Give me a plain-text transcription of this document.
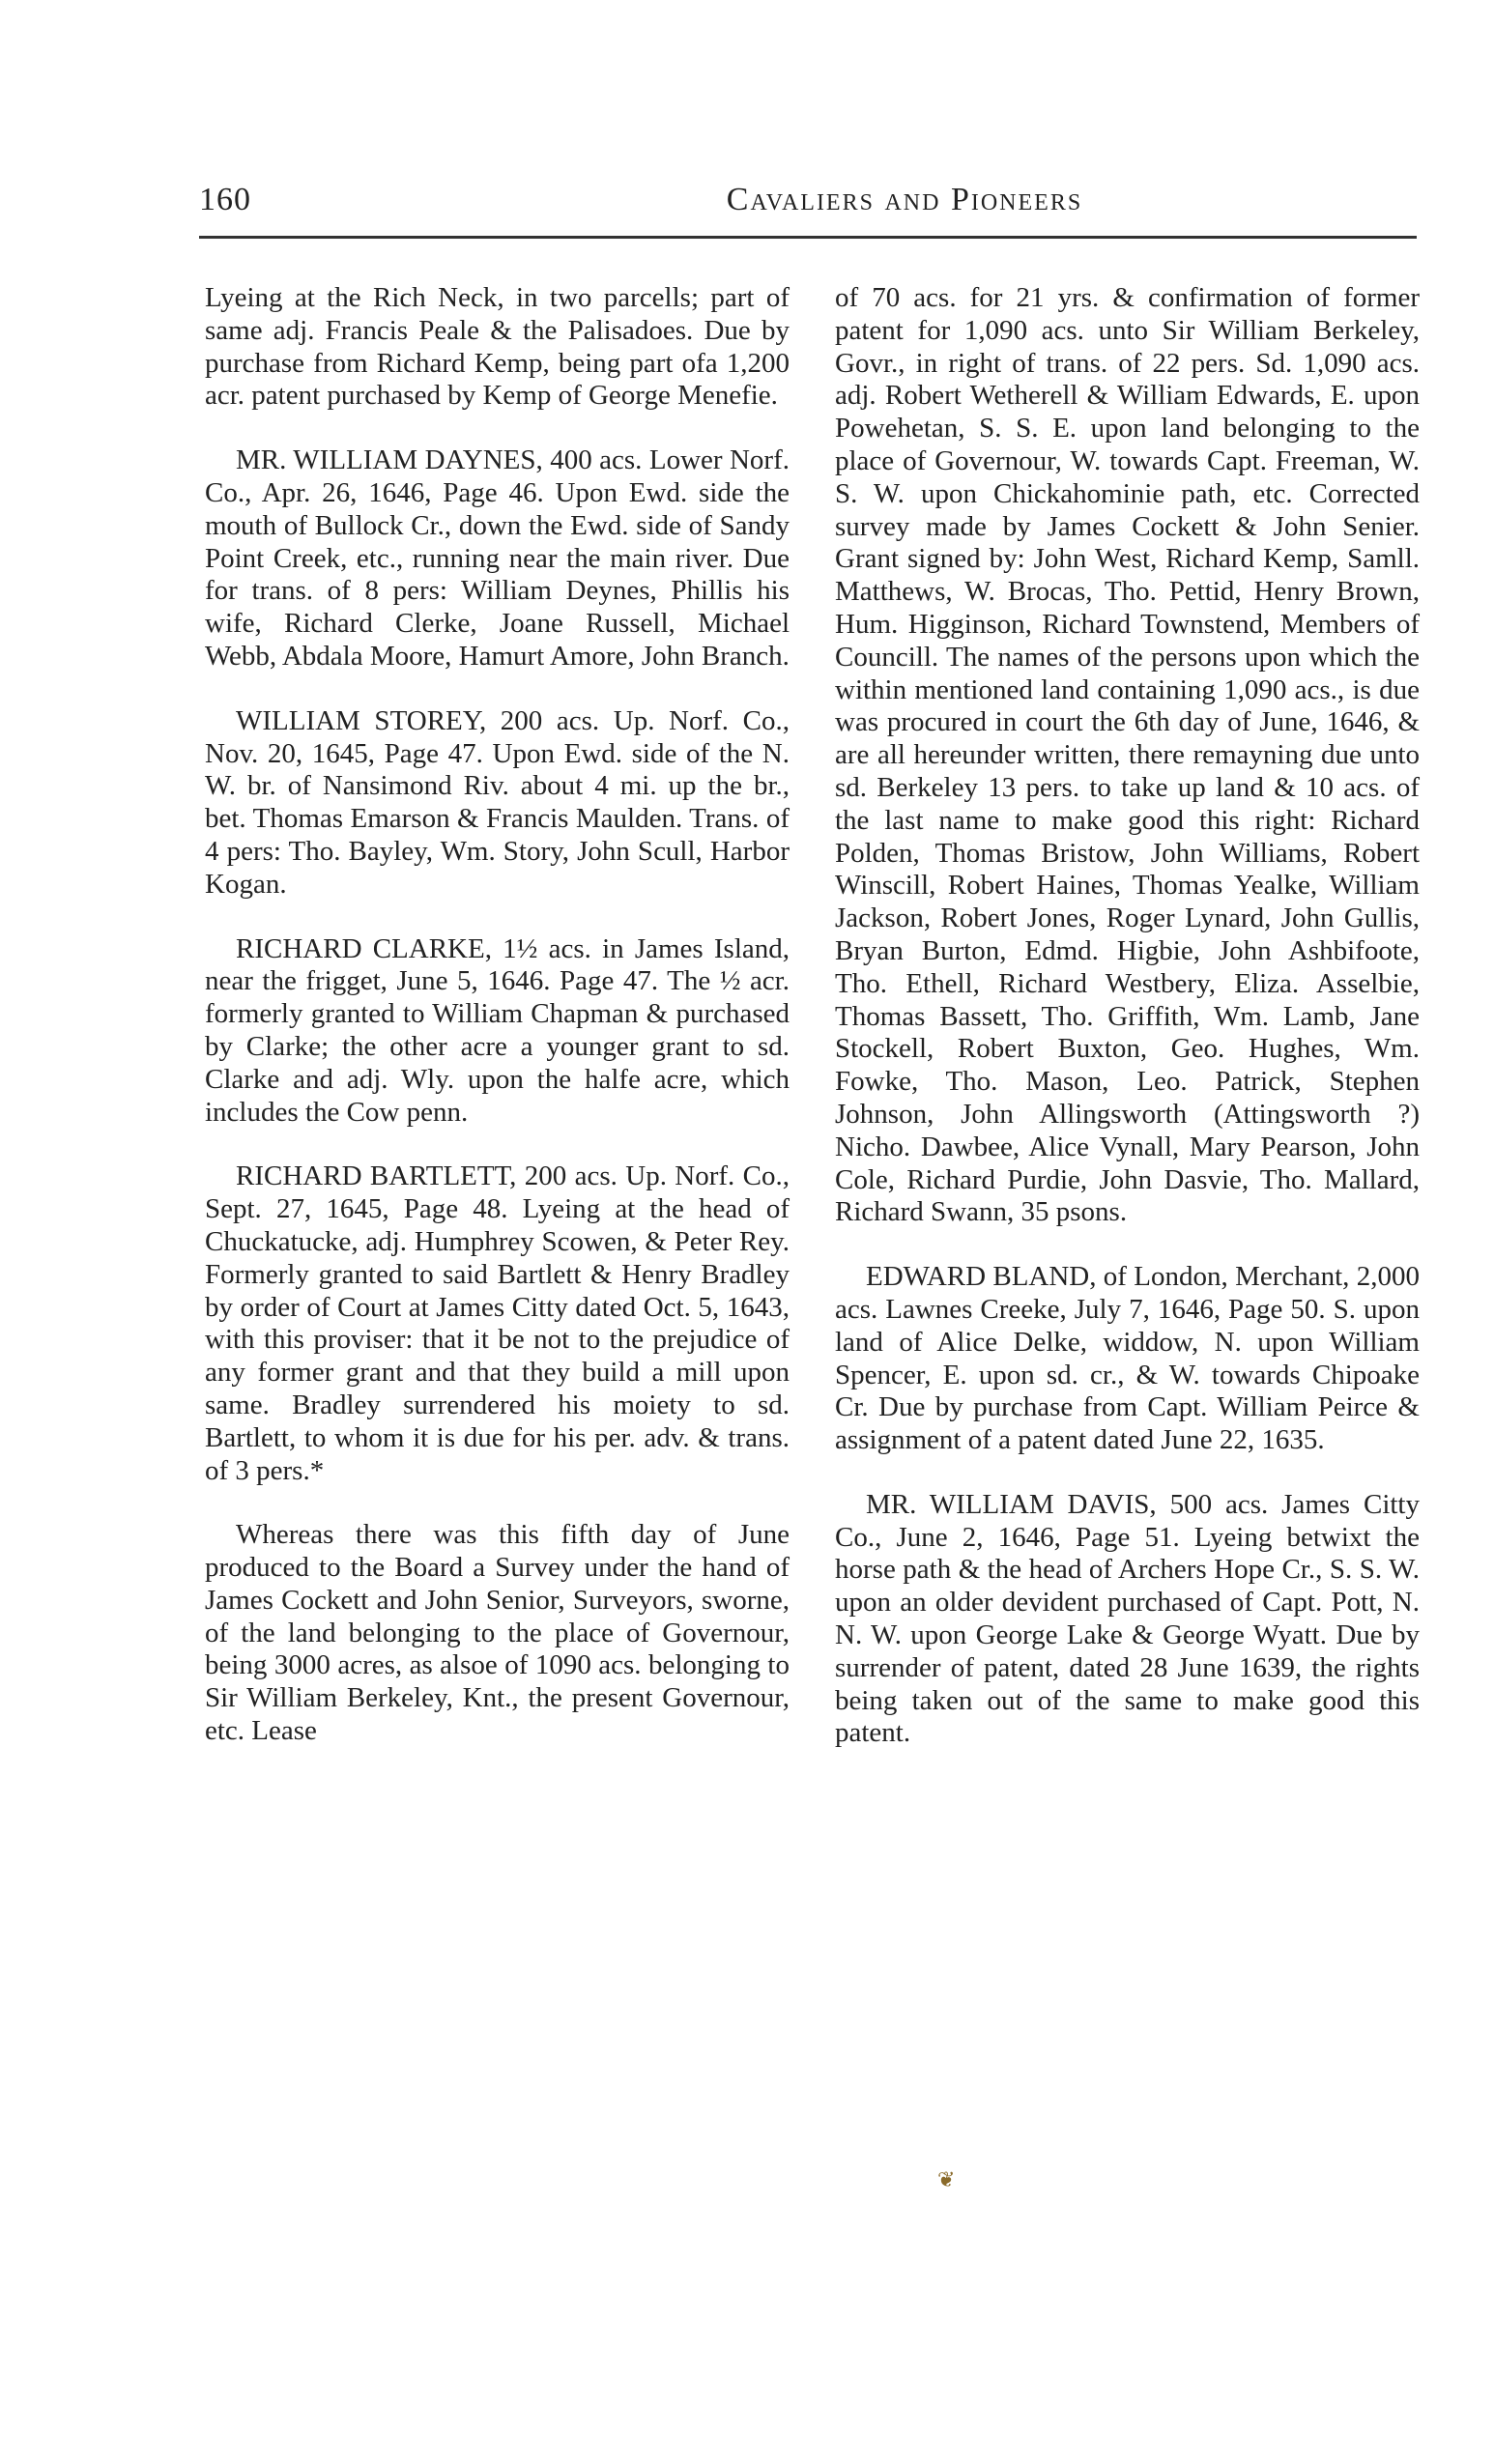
160	Cavaliers and Pioneers

Lyeing at the Rich Neck, in two parcells; part of same adj. Francis Peale & the Palisadoes. Due by purchase from Richard Kemp, being part ofa 1,200 acr. patent purchased by Kemp of George Menefie.

MR. WILLIAM DAYNES, 400 acs. Lower Norf. Co., Apr. 26, 1646, Page 46. Upon Ewd. side the mouth of Bullock Cr., down the Ewd. side of Sandy Point Creek, etc., running near the main river. Due for trans. of 8 pers: William Deynes, Phillis his wife, Richard Clerke, Joane Russell, Michael Webb, Abdala Moore, Hamurt Amore, John Branch.

WILLIAM STOREY, 200 acs. Up. Norf. Co., Nov. 20, 1645, Page 47. Upon Ewd. side of the N. W. br. of Nansimond Riv. about 4 mi. up the br., bet. Thomas Emarson & Francis Maulden. Trans. of 4 pers: Tho. Bayley, Wm. Story, John Scull, Harbor Kogan.

RICHARD CLARKE, 1½ acs. in James Island, near the frigget, June 5, 1646. Page 47. The ½ acr. formerly granted to William Chapman & purchased by Clarke; the other acre a younger grant to sd. Clarke and adj. Wly. upon the halfe acre, which includes the Cow penn.

RICHARD BARTLETT, 200 acs. Up. Norf. Co., Sept. 27, 1645, Page 48. Lyeing at the head of Chuckatucke, adj. Humphrey Scowen, & Peter Rey. Formerly granted to said Bartlett & Henry Bradley by order of Court at James Citty dated Oct. 5, 1643, with this proviser: that it be not to the prejudice of any former grant and that they build a mill upon same. Bradley surrendered his moiety to sd. Bartlett, to whom it is due for his per. adv. & trans. of 3 pers.*

Whereas there was this fifth day of June produced to the Board a Survey under the hand of James Cockett and John Senior, Surveyors, sworne, of the land belonging to the place of Governour, being 3000 acres, as alsoe of 1090 acs. belonging to Sir William Berkeley, Knt., the present Governour, etc. Lease

of 70 acs. for 21 yrs. & confirmation of former patent for 1,090 acs. unto Sir William Berkeley, Govr., in right of trans. of 22 pers. Sd. 1,090 acs. adj. Robert Wetherell & William Edwards, E. upon Powehetan, S. S. E. upon land belonging to the place of Governour, W. towards Capt. Freeman, W. S. W. upon Chickahominie path, etc. Corrected survey made by James Cockett & John Senier. Grant signed by: John West, Richard Kemp, Samll. Matthews, W. Brocas, Tho. Pettid, Henry Brown, Hum. Higginson, Richard Townstend, Members of Councill. The names of the persons upon which the within mentioned land containing 1,090 acs., is due was procured in court the 6th day of June, 1646, & are all hereunder written, there remayning due unto sd. Berkeley 13 pers. to take up land & 10 acs. of the last name to make good this right: Richard Polden, Thomas Bristow, John Williams, Robert Winscill, Robert Haines, Thomas Yealke, William Jackson, Robert Jones, Roger Lynard, John Gullis, Bryan Burton, Edmd. Higbie, John Ashbifoote, Tho. Ethell, Richard Westbery, Eliza. Asselbie, Thomas Bassett, Tho. Griffith, Wm. Lamb, Jane Stockell, Robert Buxton, Geo. Hughes, Wm. Fowke, Tho. Mason, Leo. Patrick, Stephen Johnson, John Allingsworth (Attingsworth ?) Nicho. Dawbee, Alice Vynall, Mary Pearson, John Cole, Richard Purdie, John Dasvie, Tho. Mallard, Richard Swann, 35 psons.

EDWARD BLAND, of London, Merchant, 2,000 acs. Lawnes Creeke, July 7, 1646, Page 50. S. upon land of Alice Delke, widdow, N. upon William Spencer, E. upon sd. cr., & W. towards Chipoake Cr. Due by purchase from Capt. William Peirce & assignment of a patent dated June 22, 1635.

MR. WILLIAM DAVIS, 500 acs. James Citty Co., June 2, 1646, Page 51. Lyeing betwixt the horse path & the head of Archers Hope Cr., S. S. W. upon an older devident purchased of Capt. Pott, N. N. W. upon George Lake & George Wyatt. Due by surrender of patent, dated 28 June 1639, the rights being taken out of the same to make good this patent.

❦
